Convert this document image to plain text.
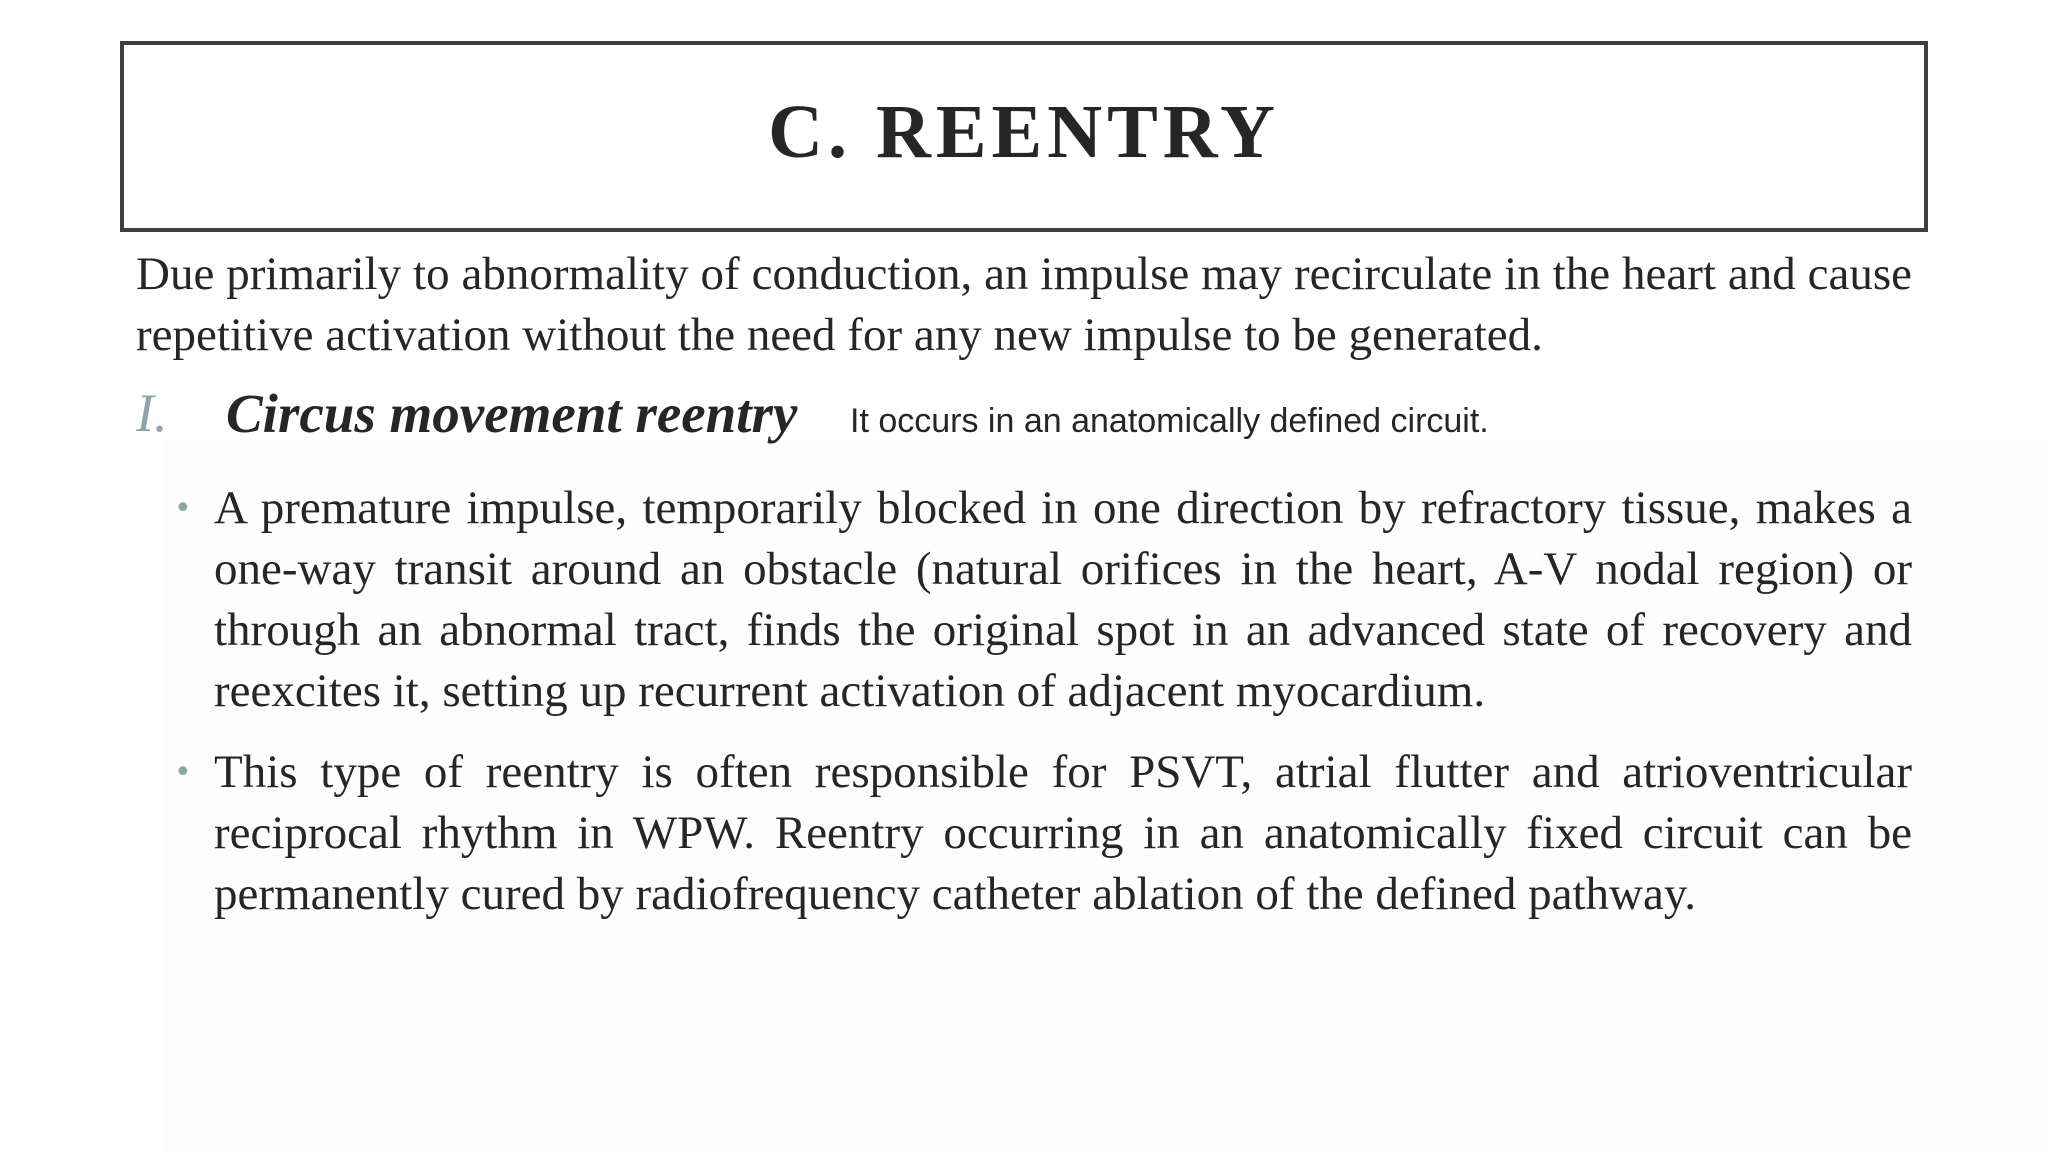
C. REENTRY

Due primarily to abnormality of conduction, an impulse may recirculate in the heart and cause repetitive activation without the need for any new impulse to be generated.

I. Circus movement reentry It occurs in an anatomically defined circuit.
• A premature impulse, temporarily blocked in one direction by refractory tissue, makes a one-way transit around an obstacle (natural orifices in the heart, A-V nodal region) or through an abnormal tract, finds the original spot in an advanced state of recovery and reexcites it, setting up recurrent activation of adjacent myocardium.
• This type of reentry is often responsible for PSVT, atrial flutter and atrioventricular reciprocal rhythm in WPW. Reentry occurring in an anatomically fixed circuit can be permanently cured by radiofrequency catheter ablation of the defined pathway.
